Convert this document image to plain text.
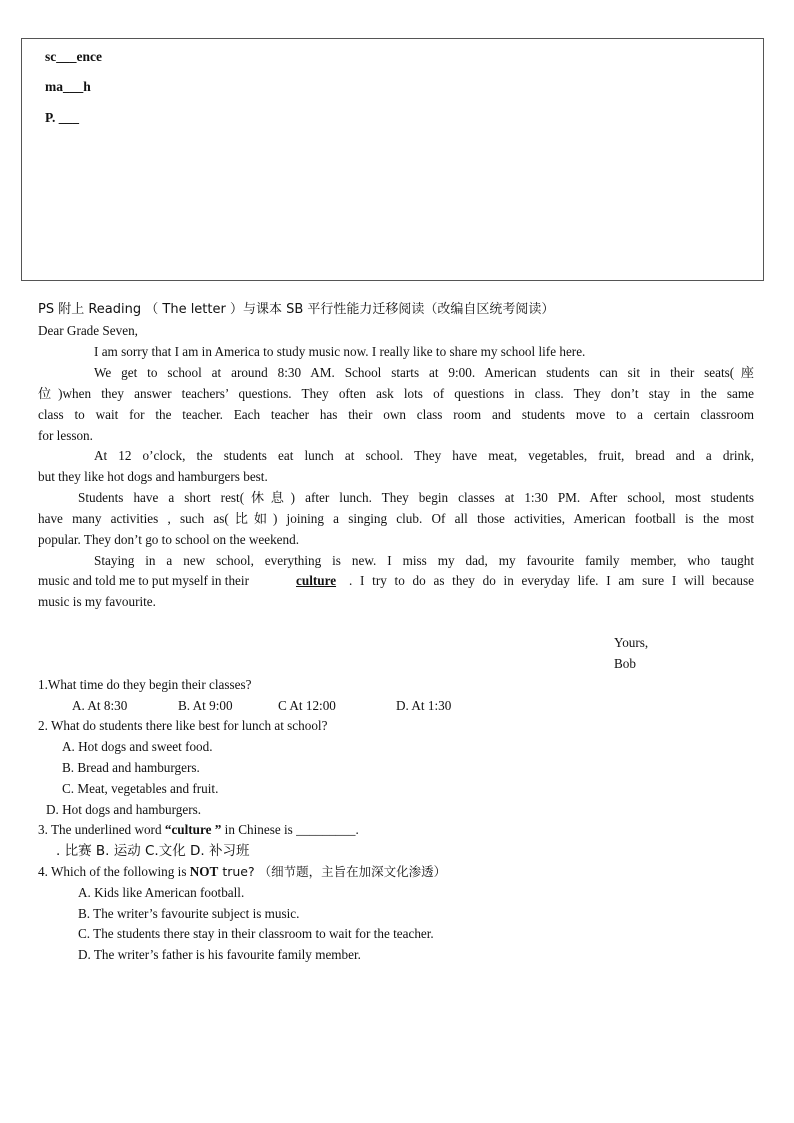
sc___ence
ma___h
P. ___
PS 附上 Reading （ The letter ）与课本 SB 平行性能力迁移阅读（改编自区统考阅读）
Dear Grade Seven,
I am sorry that I am in America to study music now. I really like to share my school life here.
We get to school at around 8:30 AM. School starts at 9:00. American students can sit in their seats(座
位)when they answer teachers’ questions. They often ask lots of questions in class. They don’t stay in the same
class to wait for the teacher. Each teacher has their own class room and students move to a certain classroom
for lesson.
At 12 o’clock, the students eat lunch at school. They have meat, vegetables, fruit, bread and a drink,
but they like hot dogs and hamburgers best.
Students have a short rest(休息) after lunch. They begin classes at 1:30 PM. After school, most students
have many activities , such as(比如) joining a singing club. Of all those activities, American football is the most
popular. They don’t go to school on the weekend.
Staying in a new school, everything is new. I miss my dad, my favourite family member, who taught
music and told me to put myself in their	culture . I try to do as they do in everyday life. I am sure I will because
music is my favourite.
Yours,
Bob
1.What time do they begin their classes?
A. At 8:30	B. At 9:00	C At 12:00	D. At 1:30
2. What do students there like best for lunch at school?
A. Hot dogs and sweet food.
B. Bread and hamburgers.
C. Meat, vegetables and fruit.
D. Hot dogs and hamburgers.
3. The underlined word “culture ” in Chinese is _________.
. 比赛 B. 运动 C.文化 D. 补习班
4. Which of the following is NOT true? （细节题，主旨在加深文化渗透）
A. Kids like American football.
B. The writer’s favourite subject is music.
C. The students there stay in their classroom to wait for the teacher.
D. The writer’s father is his favourite family member.
